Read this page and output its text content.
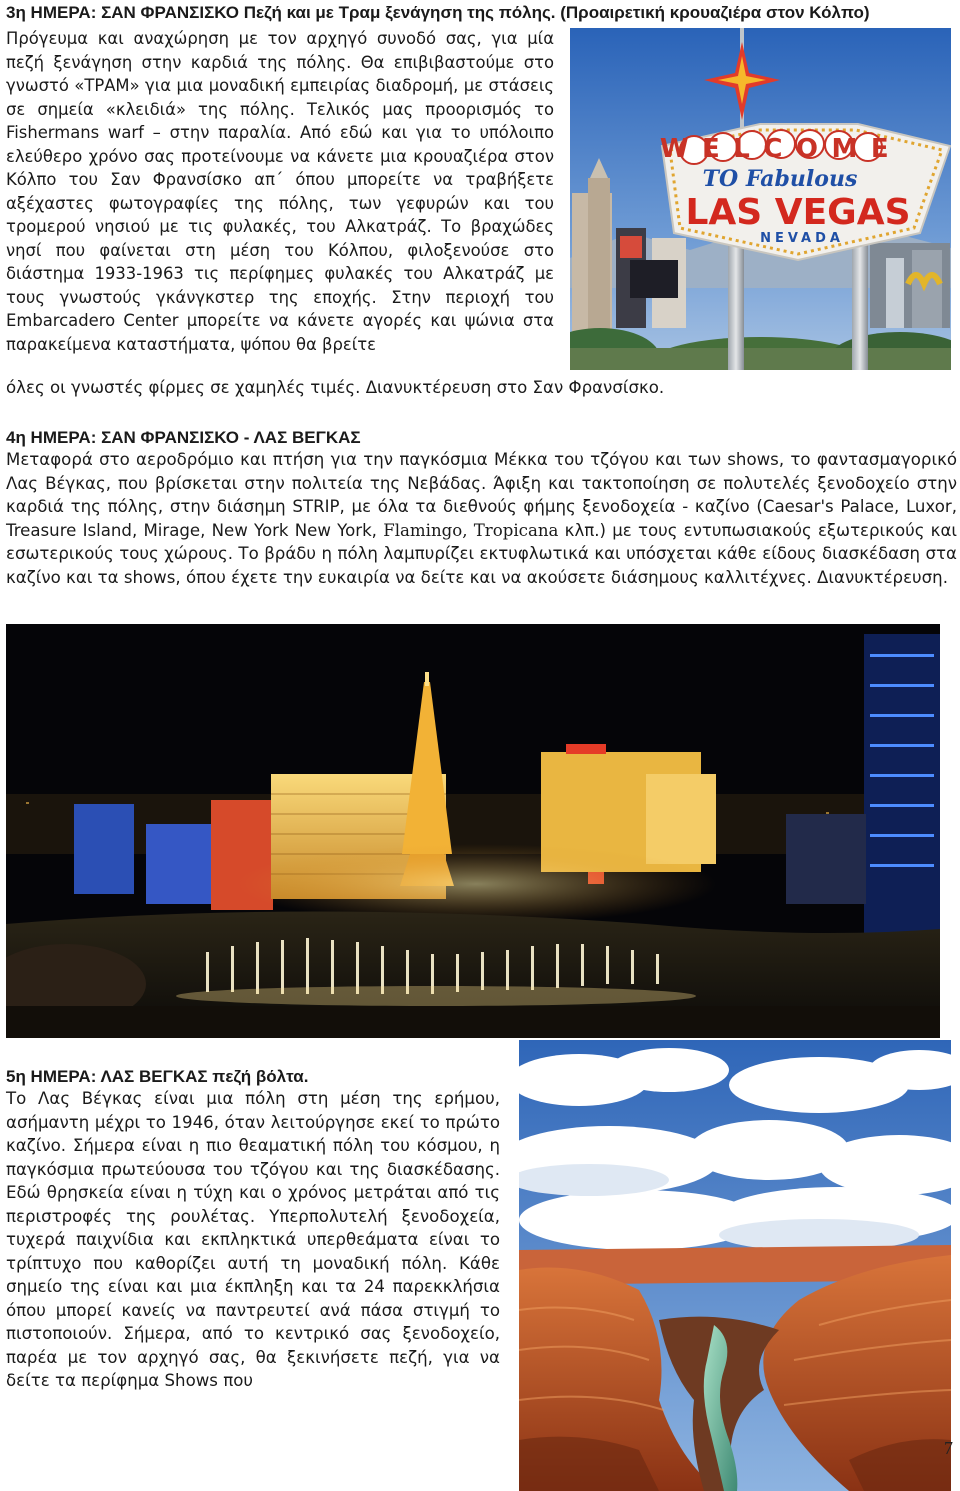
3η ΗΜΕΡΑ: ΣΑΝ ΦΡΑΝΣΙΣΚΟ Πεζή και με Τραμ ξενάγηση της πόλης. (Προαιρετική κρουαζιέρα στον Κόλπο)

Πρόγευμα και αναχώρηση με τον αρχηγό συνοδό σας, για μία πεζή ξενάγηση στην καρδιά της πόλης. Θα επιβιβαστούμε στο γνωστό «ΤΡΑΜ» για μια μοναδική εμπειρίας διαδρομή, με στάσεις σε σημεία «κλειδιά» της πόλης. Τελικός μας προορισμός το Fishermans warf – στην παραλία. Από εδώ και για το υπόλοιπο ελεύθερο χρόνο σας προτείνουμε να κάνετε μια κρουαζιέρα στον Κόλπο του Σαν Φρανσίσκο απ΄ όπου μπορείτε να τραβήξετε αξέχαστες φωτογραφίες της πόλης, των γεφυρών και του τρομερού νησιού με τις φυλακές, του Αλκατράζ. Το βραχώδες νησί που φαίνεται στη μέση του Κόλπου, φιλοξενούσε στο διάστημα 1933-1963 τις περίφημες φυλακές του Αλκατράζ με τους γνωστούς γκάνγκστερ της εποχής. Στην περιοχή του Embarcadero Center μπορείτε να κάνετε αγορές και ψώνια στα παρακείμενα καταστήματα, ψόπου θα βρείτε

όλες οι γνωστές φίρμες σε χαμηλές τιμές. Διανυκτέρευση στο Σαν Φρανσίσκο.
WELCOME
TO Fabulous
LAS VEGAS
NEVADA
4η ΗΜΕΡΑ: ΣΑΝ ΦΡΑΝΣΙΣΚΟ - ΛΑΣ ΒΕΓΚΑΣ

Μεταφορά στο αεροδρόμιο και πτήση για την παγκόσμια Μέκκα του τζόγου και των shows, το φαντασμαγορικό Λας Βέγκας, που βρίσκεται στην πολιτεία της Νεβάδας. Άφιξη και τακτοποίηση σε πολυτελές ξενοδοχείο στην καρδιά της πόλης, στην διάσημη STRIP, με όλα τα διεθνούς φήμης ξενοδοχεία - καζίνο (Caesar's Palace, Luxor, Treasure Island, Mirage, New York New York, Flamingo, Tropicana κλπ.) με τους εντυπωσιακούς εξωτερικούς και εσωτερικούς τους χώρους. Το βράδυ η πόλη λαμπυρίζει εκτυφλωτικά και υπόσχεται κάθε είδους διασκέδαση στα καζίνο και τα shows, όπου έχετε την ευκαιρία να δείτε και να ακούσετε διάσημους καλλιτέχνες. Διανυκτέρευση.

5η ΗΜΕΡΑ: ΛΑΣ ΒΕΓΚΑΣ πεζή βόλτα.

Το Λας Βέγκας είναι μια πόλη στη μέση της ερήμου, ασήμαντη μέχρι το 1946, όταν λειτούργησε εκεί το πρώτο καζίνο. Σήμερα είναι η πιο θεαματική πόλη του κόσμου, η παγκόσμια πρωτεύουσα του τζόγου και της διασκέδασης. Εδώ θρησκεία είναι η τύχη και ο χρόνος μετράται από τις περιστροφές της ρουλέτας. Υπερπολυτελή ξενοδοχεία, τυχερά παιχνίδια και εκπληκτικά υπερθεάματα είναι το τρίπτυχο που καθορίζει αυτή τη μοναδική πόλη. Κάθε σημείο της είναι και μια έκπληξη και τα 24 παρεκκλήσια όπου μπορεί κανείς να παντρευτεί ανά πάσα στιγμή το πιστοποιούν. Σήμερα, από το κεντρικό σας ξενοδοχείο, παρέα με τον αρχηγό σας, θα ξεκινήσετε πεζή, για να δείτε τα περίφημα Shows που

7
